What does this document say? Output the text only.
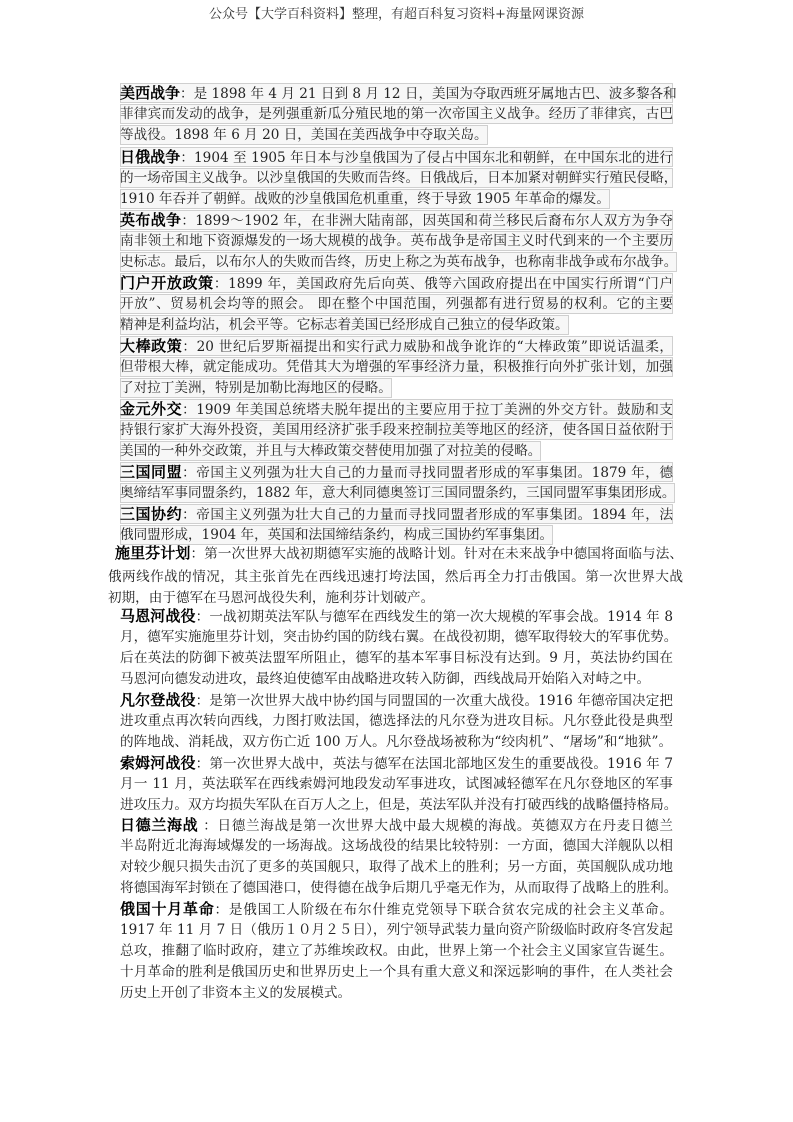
公众号【大学百科资料】整理，有超百科复习资料+海量网课资源
美西战争：是 1898 年 4 月 21 日到 8 月 12 日，美国为夺取西班牙属地古巴、波多黎各和
菲律宾而发动的战争，是列强重新瓜分殖民地的第一次帝国主义战争。经历了菲律宾，古巴
等战役。1898 年 6 月 20 日，美国在美西战争中夺取关岛。
日俄战争：1904 至 1905 年日本与沙皇俄国为了侵占中国东北和朝鲜，在中国东北的进行
的一场帝国主义战争。以沙皇俄国的失败而告终。日俄战后，日本加紧对朝鲜实行殖民侵略，
1910 年吞并了朝鲜。战败的沙皇俄国危机重重，终于导致 1905 年革命的爆发。
英布战争：1899～1902 年，在非洲大陆南部，因英国和荷兰移民后裔布尔人双方为争夺
南非领土和地下资源爆发的一场大规模的战争。英布战争是帝国主义时代到来的一个主要历
史标志。最后，以布尔人的失败而告终，历史上称之为英布战争，也称南非战争或布尔战争。
门户开放政策：1899 年，美国政府先后向英、俄等六国政府提出在中国实行所谓“门户
开放”、贸易机会均等的照会。 即在整个中国范围，列强都有进行贸易的权利。它的主要
精神是利益均沾，机会平等。它标志着美国已经形成自己独立的侵华政策。
大棒政策：20 世纪后罗斯福提出和实行武力威胁和战争讹诈的“大棒政策”即说话温柔，
但带根大棒，就定能成功。凭借其大为增强的军事经济力量，积极推行向外扩张计划，加强
了对拉丁美洲，特别是加勒比海地区的侵略。
金元外交：1909 年美国总统塔夫脱年提出的主要应用于拉丁美洲的外交方针。鼓励和支
持银行家扩大海外投资，美国用经济扩张手段来控制拉美等地区的经济，使各国日益依附于
美国的一种外交政策，并且与大棒政策交替使用加强了对拉美的侵略。
三国同盟：帝国主义列强为壮大自己的力量而寻找同盟者形成的军事集团。1879 年，德
奥缔结军事同盟条约，1882 年，意大利同德奥签订三国同盟条约，三国同盟军事集团形成。
三国协约：帝国主义列强为壮大自己的力量而寻找同盟者形成的军事集团。1894 年，法
俄同盟形成，1904 年，英国和法国缔结条约，构成三国协约军事集团。
施里芬计划：第一次世界大战初期德军实施的战略计划。针对在未来战争中德国将面临与法、
俄两线作战的情况，其主张首先在西线迅速打垮法国，然后再全力打击俄国。第一次世界大战
初期，由于德军在马恩河战役失利，施利芬计划破产。
马恩河战役：一战初期英法军队与德军在西线发生的第一次大规模的军事会战。1914 年 8
月，德军实施施里芬计划，突击协约国的防线右翼。在战役初期，德军取得较大的军事优势。
后在英法的防御下被英法盟军所阻止，德军的基本军事目标没有达到。9 月，英法协约国在
马恩河向德发动进攻，最终迫使德军由战略进攻转入防御，西线战局开始陷入对峙之中。
凡尔登战役：是第一次世界大战中协约国与同盟国的一次重大战役。1916 年德帝国决定把
进攻重点再次转向西线，力图打败法国，德选择法的凡尔登为进攻目标。凡尔登此役是典型
的阵地战、消耗战，双方伤亡近 100 万人。凡尔登战场被称为“绞肉机”、“屠场”和“地狱”。
索姆河战役：第一次世界大战中，英法与德军在法国北部地区发生的重要战役。1916 年 7
月一 11 月，英法联军在西线索姆河地段发动军事进攻，试图减轻德军在凡尔登地区的军事
进攻压力。双方均损失军队在百万人之上，但是，英法军队并没有打破西线的战略僵持格局。
日德兰海战 ：日德兰海战是第一次世界大战中最大规模的海战。英德双方在丹麦日德兰
半岛附近北海海域爆发的一场海战。这场战役的结果比较特别：一方面，德国大洋舰队以相
对较少舰只损失击沉了更多的英国舰只，取得了战术上的胜利；另一方面，英国舰队成功地
将德国海军封锁在了德国港口，使得德在战争后期几乎毫无作为，从而取得了战略上的胜利。
俄国十月革命：是俄国工人阶级在布尔什维克党领导下联合贫农完成的社会主义革命。
1917 年 11 月 7 日（俄历１０月２５日），列宁领导武装力量向资产阶级临时政府冬宫发起
总攻，推翻了临时政府，建立了苏维埃政权。由此，世界上第一个社会主义国家宣告诞生。
十月革命的胜利是俄国历史和世界历史上一个具有重大意义和深远影响的事件，在人类社会
历史上开创了非资本主义的发展模式。
